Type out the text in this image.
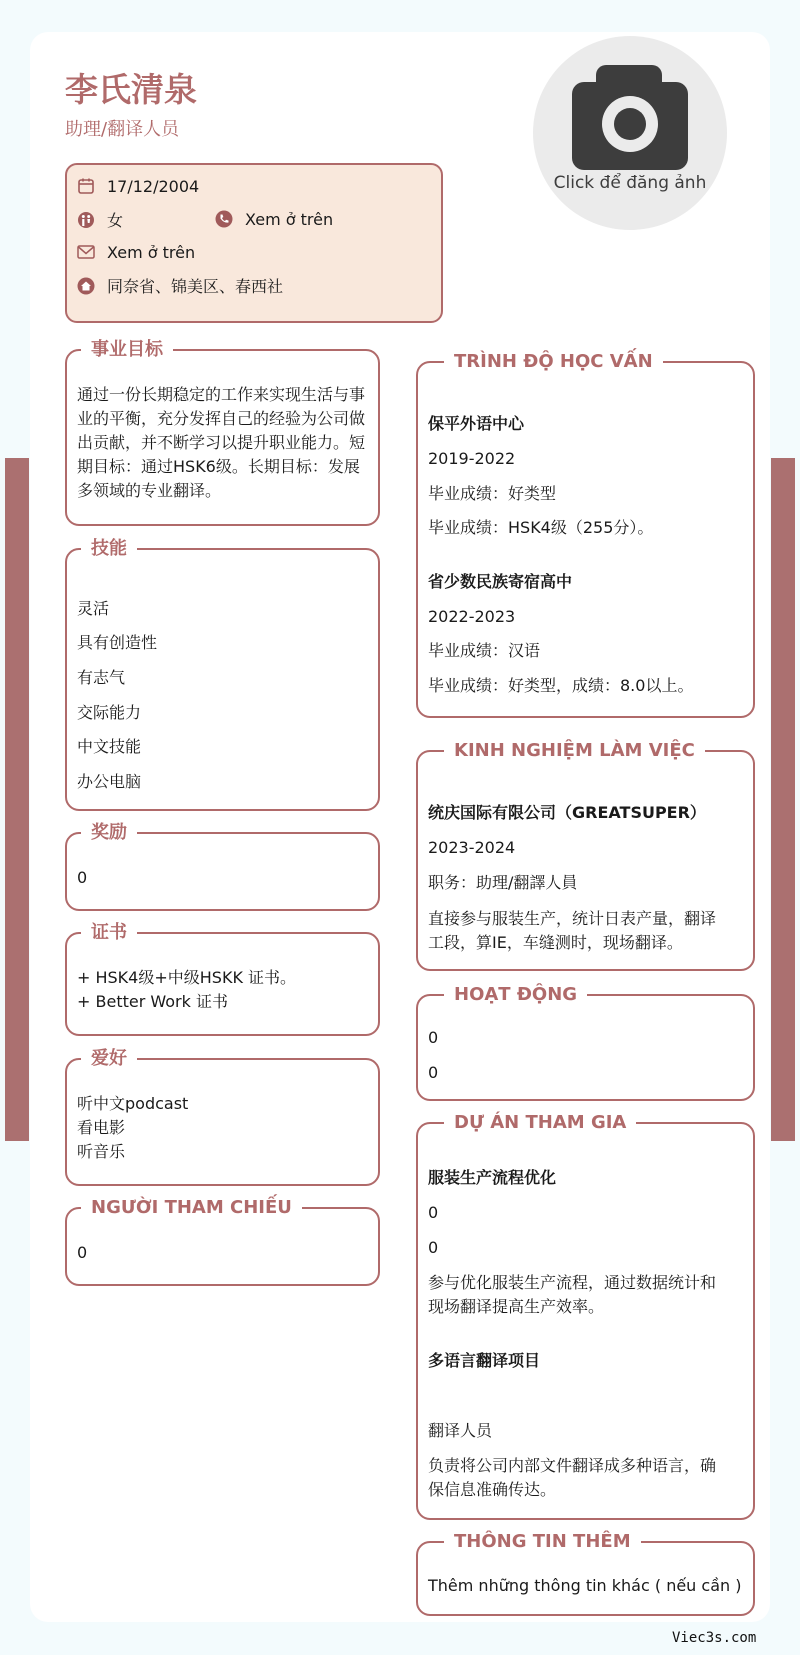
李氏清泉
助理/翻译人员
Click để đăng ảnh
17/12/2004
女	Xem ở trên
Xem ở trên
同奈省、锦美区、春西社
事业目标
通过一份长期稳定的工作来实现生活与事业的平衡，充分发挥自己的经验为公司做出贡献，并不断学习以提升职业能力。短期目标：通过HSK6级。长期目标：发展多领域的专业翻译。
技能
灵活
具有创造性
有志气
交际能力
中文技能
办公电脑
奖励
0
证书
+ HSK4级+中级HSKK 证书。
+ Better Work 证书
爱好
听中文podcast
看电影
听音乐
NGƯỜI THAM CHIẾU
0
TRÌNH ĐỘ HỌC VẤN
保平外语中心
2019-2022
毕业成绩：好类型
毕业成绩：HSK4级（255分）。
省少数民族寄宿高中
2022-2023
毕业成绩：汉语
毕业成绩：好类型，成绩：8.0以上。
KINH NGHIỆM LÀM VIỆC
统庆国际有限公司（GREATSUPER）
2023-2024
职务：助理/翻譯人員
直接参与服装生产，统计日表产量，翻译工段，算IE，车缝测时，现场翻译。
HOẠT ĐỘNG
0
0
DỰ ÁN THAM GIA
服装生产流程优化
0
0
参与优化服装生产流程，通过数据统计和现场翻译提高生产效率。
多语言翻译项目
翻译人员
负责将公司内部文件翻译成多种语言，确保信息准确传达。
THÔNG TIN THÊM
Thêm những thông tin khác ( nếu cần )
Viec3s.com
